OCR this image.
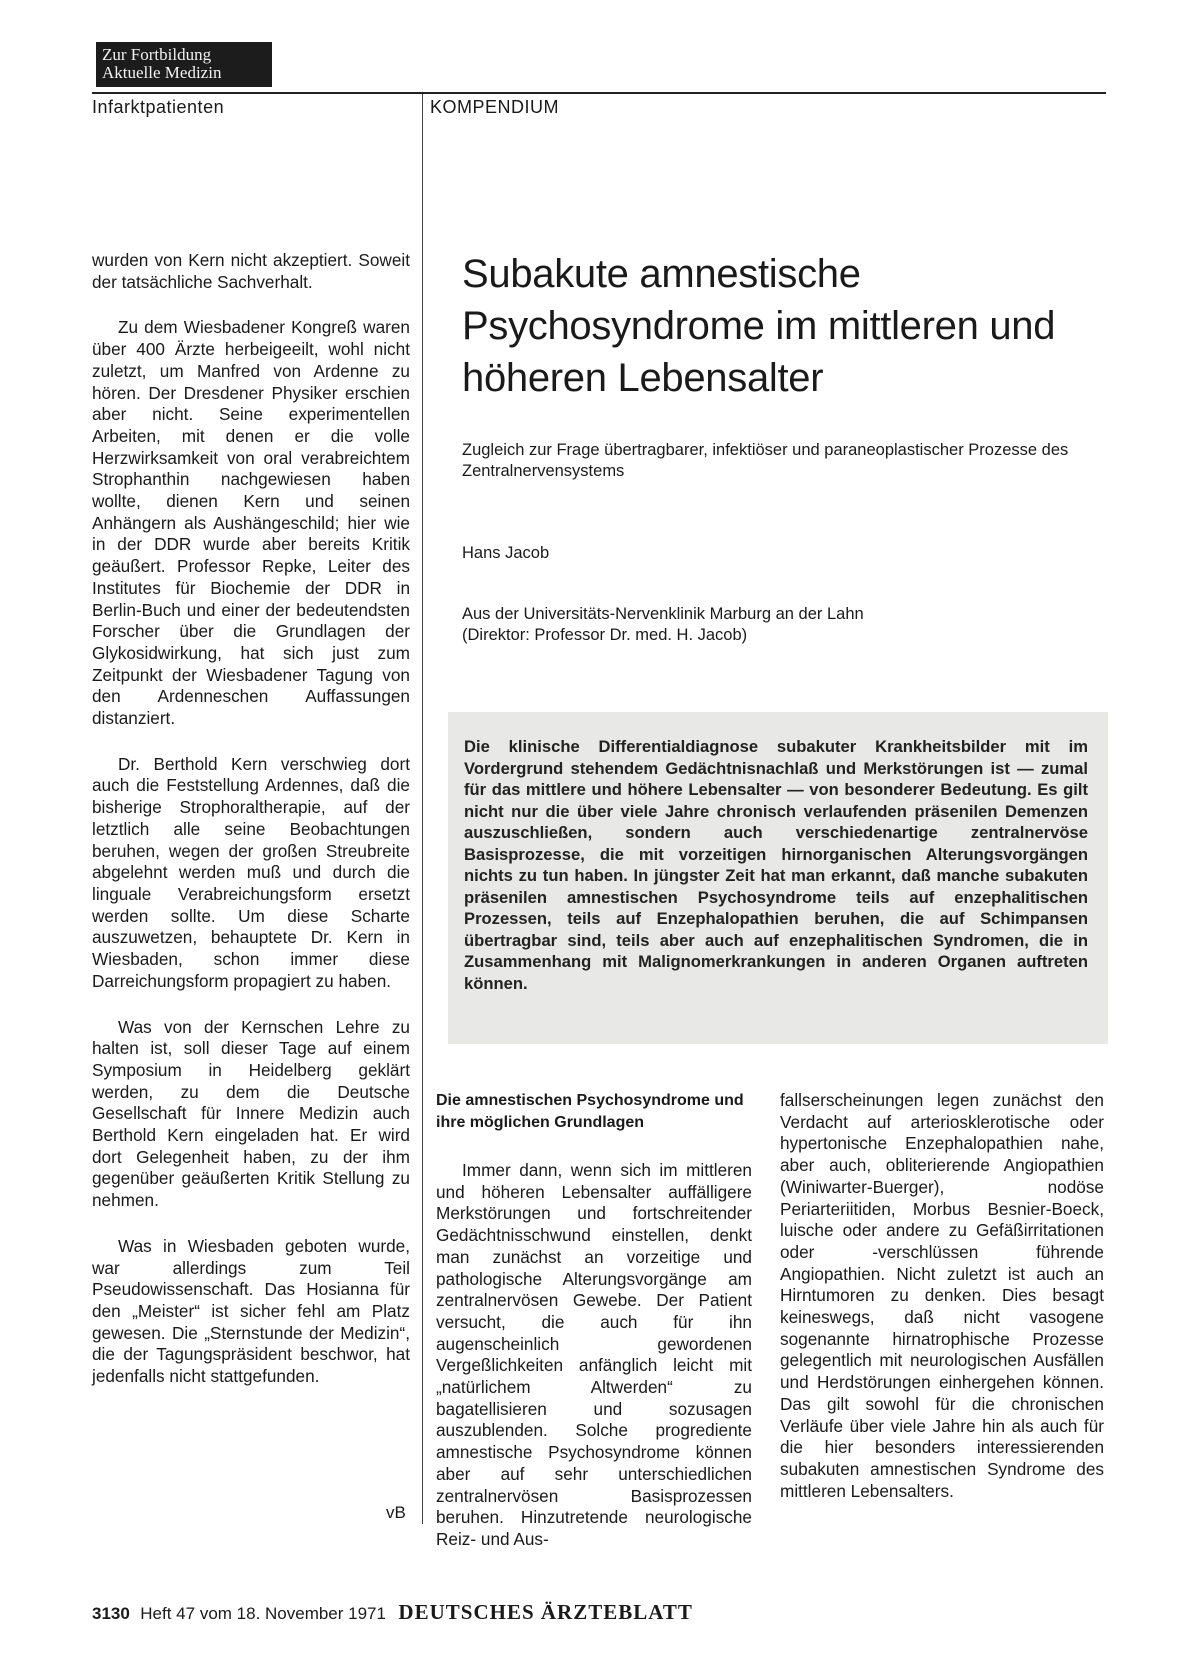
Zur Fortbildung
Aktuelle Medizin
Infarktpatienten	KOMPENDIUM

wurden von Kern nicht akzeptiert. Soweit der tatsächliche Sachverhalt.

Zu dem Wiesbadener Kongreß waren über 400 Ärzte herbeigeeilt, wohl nicht zuletzt, um Manfred von Ardenne zu hören. Der Dresdener Physiker erschien aber nicht. Seine experimentellen Arbeiten, mit denen er die volle Herzwirksamkeit von oral verabreichtem Strophanthin nachgewiesen haben wollte, dienen Kern und seinen Anhängern als Aushängeschild; hier wie in der DDR wurde aber bereits Kritik geäußert. Professor Repke, Leiter des Institutes für Biochemie der DDR in Berlin-Buch und einer der bedeutendsten Forscher über die Grundlagen der Glykosidwirkung, hat sich just zum Zeitpunkt der Wiesbadener Tagung von den Ardenneschen Auffassungen distanziert.

Dr. Berthold Kern verschwieg dort auch die Feststellung Ardennes, daß die bisherige Strophoraltherapie, auf der letztlich alle seine Beobachtungen beruhen, wegen der großen Streubreite abgelehnt werden muß und durch die linguale Verabreichungsform ersetzt werden sollte. Um diese Scharte auszuwetzen, behauptete Dr. Kern in Wiesbaden, schon immer diese Darreichungsform propagiert zu haben.

Was von der Kernschen Lehre zu halten ist, soll dieser Tage auf einem Symposium in Heidelberg geklärt werden, zu dem die Deutsche Gesellschaft für Innere Medizin auch Berthold Kern eingeladen hat. Er wird dort Gelegenheit haben, zu der ihm gegenüber geäußerten Kritik Stellung zu nehmen.

Was in Wiesbaden geboten wurde, war allerdings zum Teil Pseudowissenschaft. Das Hosianna für den „Meister“ ist sicher fehl am Platz gewesen. Die „Sternstunde der Medizin“, die der Tagungspräsident beschwor, hat jedenfalls nicht stattgefunden.

vB
Subakute amnestische Psychosyndrome im mittleren und höheren Lebensalter
Zugleich zur Frage übertragbarer, infektiöser und paraneoplastischer Prozesse des Zentralnervensystems
Hans Jacob
Aus der Universitäts-Nervenklinik Marburg an der Lahn
(Direktor: Professor Dr. med. H. Jacob)

Die klinische Differentialdiagnose subakuter Krankheitsbilder mit im Vordergrund stehendem Gedächtnisnachlaß und Merkstörungen ist — zumal für das mittlere und höhere Lebensalter — von besonderer Bedeutung. Es gilt nicht nur die über viele Jahre chronisch verlaufenden präsenilen Demenzen auszuschließen, sondern auch verschiedenartige zentralnervöse Basisprozesse, die mit vorzeitigen hirnorganischen Alterungsvorgängen nichts zu tun haben. In jüngster Zeit hat man erkannt, daß manche subakuten präsenilen amnestischen Psychosyndrome teils auf enzephalitischen Prozessen, teils auf Enzephalopathien beruhen, die auf Schimpansen übertragbar sind, teils aber auch auf enzephalitischen Syndromen, die in Zusammenhang mit Malignomerkrankungen in anderen Organen auftreten können.

Die amnestischen Psychosyndrome und ihre möglichen Grundlagen

Immer dann, wenn sich im mittleren und höheren Lebensalter auffälligere Merkstörungen und fortschreitender Gedächtnisschwund einstellen, denkt man zunächst an vorzeitige und pathologische Alterungsvorgänge am zentralnervösen Gewebe. Der Patient versucht, die auch für ihn augenscheinlich gewordenen Vergeßlichkeiten anfänglich leicht mit „natürlichem Altwerden“ zu bagatellisieren und sozusagen auszublenden. Solche progrediente amnestische Psychosyndrome können aber auf sehr unterschiedlichen zentralnervösen Basisprozessen beruhen. Hinzutretende neurologische Reiz- und Aus-

fallserscheinungen legen zunächst den Verdacht auf arteriosklerotische oder hypertonische Enzephalopathien nahe, aber auch, obliterierende Angiopathien (Winiwarter-Buerger), nodöse Periarteriitiden, Morbus Besnier-Boeck, luische oder andere zu Gefäßirritationen oder -verschlüssen führende Angiopathien. Nicht zuletzt ist auch an Hirntumoren zu denken. Dies besagt keineswegs, daß nicht vasogene sogenannte hirnatrophische Prozesse gelegentlich mit neurologischen Ausfällen und Herdstörungen einhergehen können. Das gilt sowohl für die chronischen Verläufe über viele Jahre hin als auch für die hier besonders interessierenden subakuten amnestischen Syndrome des mittleren Lebensalters.

3130 Heft 47 vom 18. November 1971 DEUTSCHES ÄRZTEBLATT
